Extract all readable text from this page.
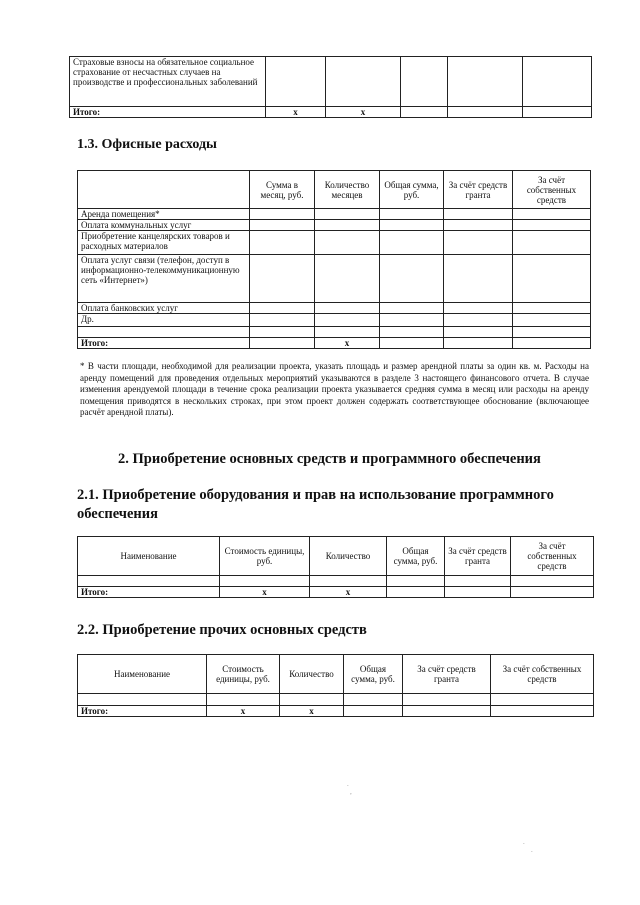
Страховые взносы на обязательное социальное страхование от несчастных случаев на производстве и профессиональных заболеваний					
Итого:	x	x			
1.3. Офисные расходы
	Сумма в месяц, руб.	Количество месяцев	Общая сумма, руб.	За счёт средств гранта	За счёт собственных средств
Аренда помещения*					
Оплата коммунальных услуг					
Приобретение канцелярских товаров и расходных материалов					
Оплата услуг связи (телефон, доступ в информационно-телекоммуникационную сеть «Интернет»)					
Оплата банковских услуг					
Др.					

Итого:		x			
* В части площади, необходимой для реализации проекта, указать площадь и размер арендной платы за один кв. м. Расходы на аренду помещений для проведения отдельных мероприятий указываются в разделе 3 настоящего финансового отчета. В случае изменения арендуемой площади в течение срока реализации проекта указывается средняя сумма в месяц или расходы на аренду помещения приводятся в нескольких строках, при этом проект должен содержать соответствующее обоснование (включающее расчёт арендной платы).
2. Приобретение основных средств и программного обеспечения
2.1. Приобретение оборудования и прав на использование программного обеспечения
Наименование	Стоимость единицы, руб.	Количество	Общая сумма, руб.	За счёт средств гранта	За счёт собственных средств

Итого:	x	x			
2.2. Приобретение прочих основных средств
Наименование	Стоимость единицы, руб.	Количество	Общая сумма, руб.	За счёт средств гранта	За счёт собственных средств

Итого:	x	x			
.
,
.
.
